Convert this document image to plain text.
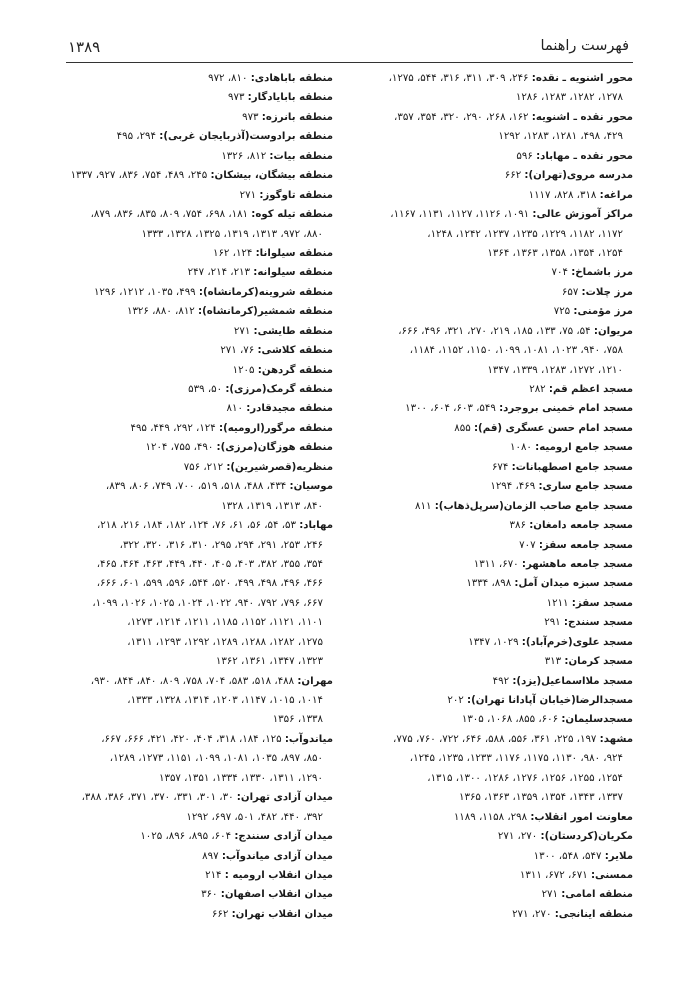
فهرست راهنما
۱۳۸۹
محور اشنویه ـ نقده: ۲۴۶، ۳۰۹، ۳۱۱، ۳۱۶، ۵۴۴، ۱۲۷۵،
۱۲۷۸، ۱۲۸۲، ۱۲۸۳، ۱۲۸۶
محور نقده ـ اشنویه: ۱۶۲، ۲۶۸، ۲۹۰، ۳۲۰، ۳۵۴، ۳۵۷،
۴۲۹، ۴۹۸، ۱۲۸۱، ۱۲۸۳، ۱۲۹۲
محور نقده ـ مهاباد: ۵۹۶
مدرسه مروی(تهران): ۶۶۲
مراغه: ۳۱۸، ۸۲۸، ۱۱۱۷
مراکز آموزش عالی: ۱۰۹۱، ۱۱۲۶، ۱۱۲۷، ۱۱۳۱، ۱۱۶۷،
۱۱۷۲، ۱۱۸۲، ۱۲۲۹، ۱۲۳۵، ۱۲۳۷، ۱۲۴۲، ۱۲۴۸،
۱۲۵۴، ۱۳۵۴، ۱۳۵۸، ۱۳۶۳، ۱۳۶۴
مرز باشماخ: ۷۰۴
مرز چلات: ۶۵۷
مرز مؤمنی: ۷۲۵
مریوان: ۵۴، ۷۵، ۱۳۳، ۱۸۵، ۲۱۹، ۲۷۰، ۳۲۱، ۴۹۶، ۶۶۶،
۷۵۸، ۹۴۰، ۱۰۲۳، ۱۰۸۱، ۱۰۹۹، ۱۱۵۰، ۱۱۵۲، ۱۱۸۴،
۱۲۱۰، ۱۲۷۲، ۱۲۸۳، ۱۳۳۹، ۱۳۴۷
مسجد اعظم قم: ۲۸۲
مسجد امام خمینی بروجرد: ۵۴۹، ۶۰۳، ۶۰۴، ۱۳۰۰
مسجد امام حسن عسگری (قم): ۸۵۵
مسجد جامع ارومیه: ۱۰۸۰
مسجد جامع اصطهبانات: ۶۷۴
مسجد جامع ساری: ۴۶۹، ۱۲۹۴
مسجد جامع صاحب الزمان(سرپل‌ذهاب): ۸۱۱
مسجد جامعه دامغان: ۳۸۶
مسجد جامعه سقز: ۷۰۷
مسجد جامعه ماهشهر: ۶۷۰، ۱۳۱۱
مسجد سبزه میدان آمل: ۸۹۸، ۱۳۳۴
مسجد سقز: ۱۲۱۱
مسجد سنندج: ۲۹۱
مسجد علوی(خرم‌آباد): ۱۰۲۹، ۱۳۴۷
مسجد کرمان: ۳۱۳
مسجد ملااسماعیل(یزد): ۴۹۲
مسجدالرضا(خیابان آپادانا تهران): ۲۰۲
مسجدسلیمان: ۶۰۶، ۸۵۵، ۱۰۶۸، ۱۳۰۵
مشهد: ۱۹۷، ۲۲۵، ۳۶۱، ۵۵۶، ۵۸۸، ۶۴۶، ۷۲۲، ۷۶۰، ۷۷۵،
۹۲۴، ۹۸۰، ۱۱۳۰، ۱۱۷۵، ۱۱۷۶، ۱۲۳۳، ۱۲۳۵، ۱۲۴۵،
۱۲۵۴، ۱۲۵۵، ۱۲۵۶، ۱۲۷۶، ۱۲۸۶، ۱۳۰۰، ۱۳۱۵،
۱۳۳۷، ۱۳۴۳، ۱۳۵۴، ۱۳۵۹، ۱۳۶۳، ۱۳۶۵
معاونت امور انقلاب: ۲۹۸، ۱۱۵۸، ۱۱۸۹
مکریان(کردستان): ۲۷۰، ۲۷۱
ملایر: ۵۴۷، ۵۴۸، ۱۳۰۰
ممسنی: ۶۷۱، ۶۷۲، ۱۳۱۱
منطقه امامی: ۲۷۱
منطقه اینانجی: ۲۷۰، ۲۷۱
منطقه باباهادی: ۸۱۰، ۹۷۲
منطقه بابایادگار: ۹۷۳
منطقه بانرزه: ۹۷۳
منطقه برادوست(آذربایجان غربی): ۲۹۴، ۴۹۵
منطقه بیات: ۸۱۲، ۱۳۲۶
منطقه بیشگان، بیشکان: ۲۴۵، ۴۸۹، ۷۵۴، ۸۳۶، ۹۲۷، ۱۳۳۷
منطقه تاوگوز: ۲۷۱
منطقه تیله کوه: ۱۸۱، ۶۹۸، ۷۵۴، ۸۰۹، ۸۳۵، ۸۳۶، ۸۷۹،
۸۸۰، ۹۷۲، ۱۳۱۳، ۱۳۱۹، ۱۳۲۵، ۱۳۲۸، ۱۳۳۳
منطقه سیلوانا: ۱۲۴، ۱۶۲
منطقه سیلوانه: ۲۱۳، ۲۱۴، ۲۴۷
منطقه شروینه(کرمانشاه): ۴۹۹، ۱۰۳۵، ۱۲۱۲، ۱۲۹۶
منطقه شمشیر(کرمانشاه): ۸۱۲، ۸۸۰، ۱۳۲۶
منطقه طایشی: ۲۷۱
منطقه کلاشی: ۷۶، ۲۷۱
منطقه گردهن: ۱۲۰۵
منطقه گرمک(مرزی): ۵۰، ۵۳۹
منطقه مجیدقادر: ۸۱۰
منطقه مرگور(ارومیه): ۱۲۴، ۲۹۲، ۴۴۹، ۴۹۵
منطقه هوزگان(مرزی): ۴۹۰، ۷۵۵، ۱۲۰۴
منظریه(قصرشیرین): ۲۱۲، ۷۵۶
موسیان: ۴۳۴، ۴۸۸، ۵۱۸، ۵۱۹، ۷۰۰، ۷۴۹، ۸۰۶، ۸۳۹،
۸۴۰، ۱۳۱۳، ۱۳۱۹، ۱۳۲۸
مهاباد: ۵۳، ۵۴، ۵۶، ۶۱، ۷۶، ۱۲۴، ۱۸۲، ۱۸۴، ۲۱۶، ۲۱۸،
۲۴۶، ۲۵۳، ۲۹۱، ۲۹۴، ۲۹۵، ۳۱۰، ۳۱۶، ۳۲۰، ۳۲۲،
۳۵۴، ۳۵۵، ۳۸۲، ۴۰۳، ۴۰۵، ۴۴۰، ۴۴۹، ۴۶۳، ۴۶۴، ۴۶۵،
۴۶۶، ۴۹۶، ۴۹۸، ۴۹۹، ۵۲۰، ۵۴۴، ۵۹۶، ۵۹۹، ۶۰۱، ۶۶۶،
۶۶۷، ۷۹۶، ۷۹۲، ۹۴۰، ۱۰۲۲، ۱۰۲۴، ۱۰۲۵، ۱۰۲۶، ۱۰۹۹،
۱۱۰۱، ۱۱۲۱، ۱۱۵۲، ۱۱۸۵، ۱۲۱۱، ۱۲۱۴، ۱۲۷۳،
۱۲۷۵، ۱۲۸۲، ۱۲۸۸، ۱۲۸۹، ۱۲۹۲، ۱۲۹۳، ۱۳۱۱،
۱۳۲۳، ۱۳۴۷، ۱۳۶۱، ۱۳۶۲
مهران: ۴۸۸، ۵۱۸، ۵۸۳، ۷۰۴، ۷۵۸، ۸۰۹، ۸۴۰، ۸۴۴، ۹۳۰،
۱۰۱۴، ۱۰۱۵، ۱۱۴۷، ۱۲۰۳، ۱۳۱۴، ۱۳۲۸، ۱۳۳۳،
۱۳۳۸، ۱۳۵۶
میاندوآب: ۱۲۵، ۱۸۴، ۳۱۸، ۴۰۴، ۴۲۰، ۴۲۱، ۶۶۶، ۶۶۷،
۸۵۰، ۸۹۷، ۱۰۳۵، ۱۰۸۱، ۱۰۹۹، ۱۱۵۱، ۱۲۷۳، ۱۲۸۹،
۱۲۹۰، ۱۳۱۱، ۱۳۳۰، ۱۳۳۴، ۱۳۵۱، ۱۳۵۷
میدان آزادی تهران: ۳۰، ۳۰۱، ۳۳۱، ۳۷۰، ۳۷۱، ۳۸۶، ۳۸۸،
۳۹۲، ۴۴۰، ۴۸۲، ۵۰۱، ۶۹۷، ۱۲۹۲
میدان آزادی سنندج: ۶۰۴، ۸۹۵، ۸۹۶، ۱۰۲۵
میدان آزادی میاندوآب: ۸۹۷
میدان انقلاب ارومیه : ۲۱۴
میدان انقلاب اصفهان: ۳۶۰
میدان انقلاب تهران: ۶۶۲
